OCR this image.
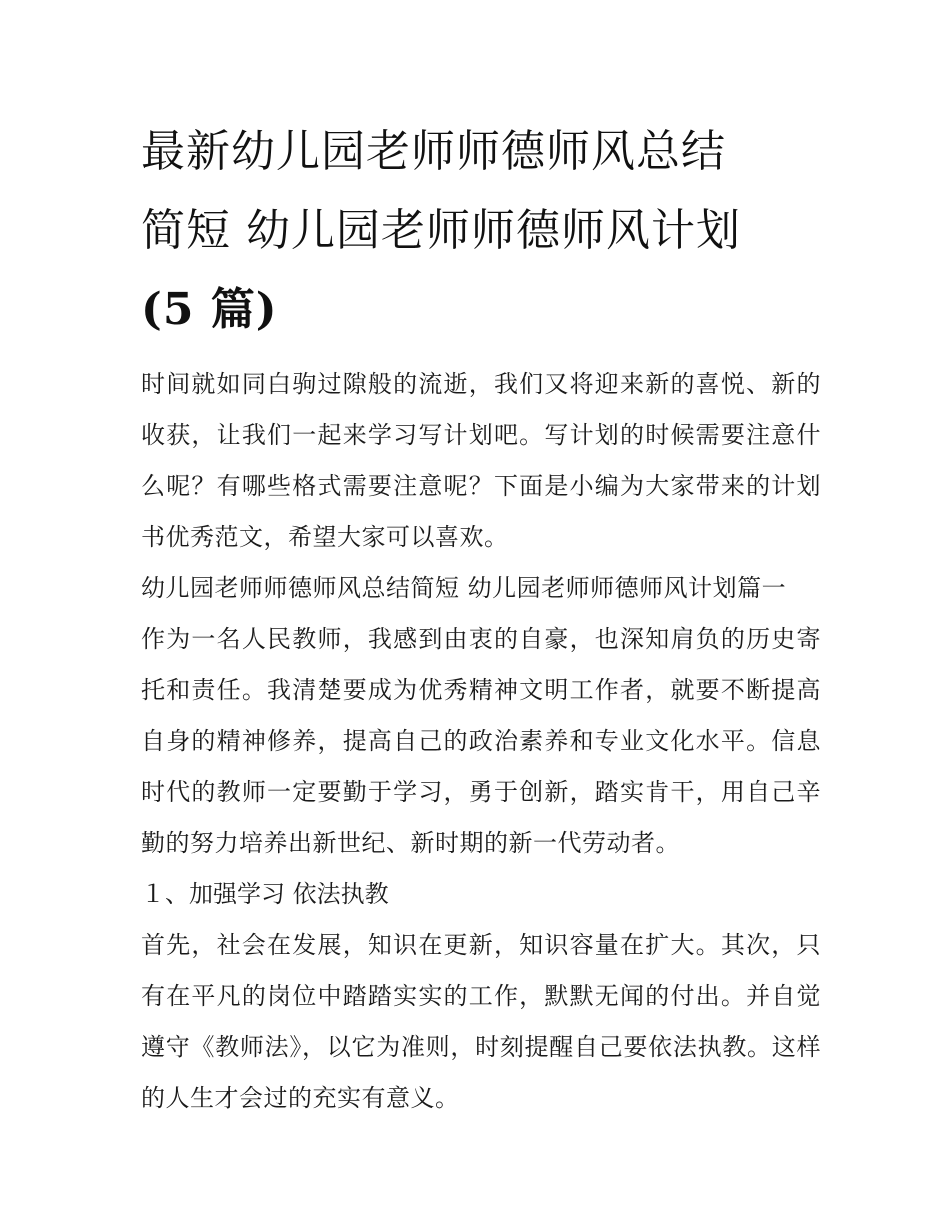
最新幼儿园老师师德师风总结
简短 幼儿园老师师德师风计划
(5 篇)

时间就如同白驹过隙般的流逝，我们又将迎来新的喜悦、新的收获，让我们一起来学习写计划吧。写计划的时候需要注意什么呢？有哪些格式需要注意呢？下面是小编为大家带来的计划书优秀范文，希望大家可以喜欢。

幼儿园老师师德师风总结简短 幼儿园老师师德师风计划篇一

作为一名人民教师，我感到由衷的自豪，也深知肩负的历史寄托和责任。我清楚要成为优秀精神文明工作者，就要不断提高自身的精神修养，提高自己的政治素养和专业文化水平。信息时代的教师一定要勤于学习，勇于创新，踏实肯干，用自己辛勤的努力培养出新世纪、新时期的新一代劳动者。

１、加强学习 依法执教

首先，社会在发展，知识在更新，知识容量在扩大。其次，只有在平凡的岗位中踏踏实实的工作，默默无闻的付出。并自觉遵守《教师法》，以它为准则，时刻提醒自己要依法执教。这样的人生才会过的充实有意义。
